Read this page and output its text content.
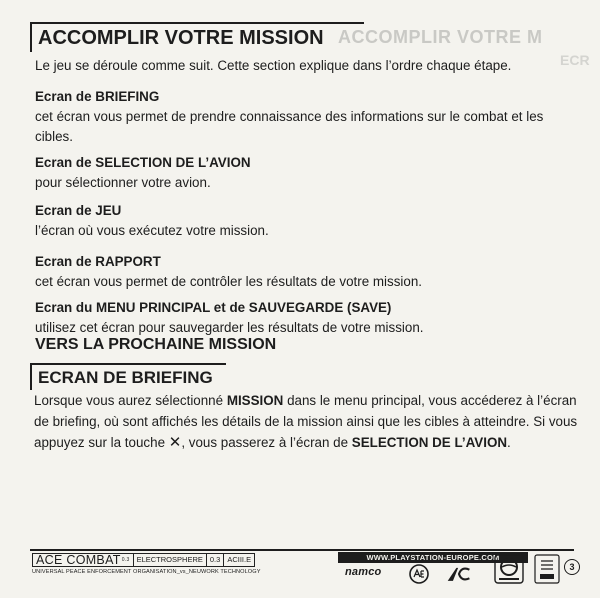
ACCOMPLIR VOTRE M
ECR
ACCOMPLIR VOTRE MISSION
Le jeu se déroule comme suit. Cette section explique dans l’ordre chaque étape.
Ecran de BRIEFING
cet écran vous permet de prendre connaissance des informations sur le combat et les cibles.
Ecran de SELECTION DE L’AVION
pour sélectionner votre avion.
Ecran de JEU
l’écran où vous exécutez votre mission.
Ecran de RAPPORT
cet écran vous permet de contrôler les résultats de votre mission.
Ecran du MENU PRINCIPAL et de SAUVEGARDE (SAVE)
utilisez cet écran pour sauvegarder les résultats de votre mission.
VERS LA PROCHAINE MISSION
ECRAN DE BRIEFING
Lorsque vous aurez sélectionné MISSION dans le menu principal, vous accéderez à l’écran de briefing, où sont affichés les détails de la mission ainsi que les cibles à atteindre. Si vous appuyez sur la touche ✕, vous passerez à l’écran de SELECTION DE L’AVION.
ACE COMBAT 0.3 ELECTROSPHERE 0.3 ACIII.E
UNIVERSAL PEACE ENFORCEMENT ORGANISATION_vs_NEUWORK TECHNOLOGY
WWW.PLAYSTATION-EUROPE.COM
namco	3
